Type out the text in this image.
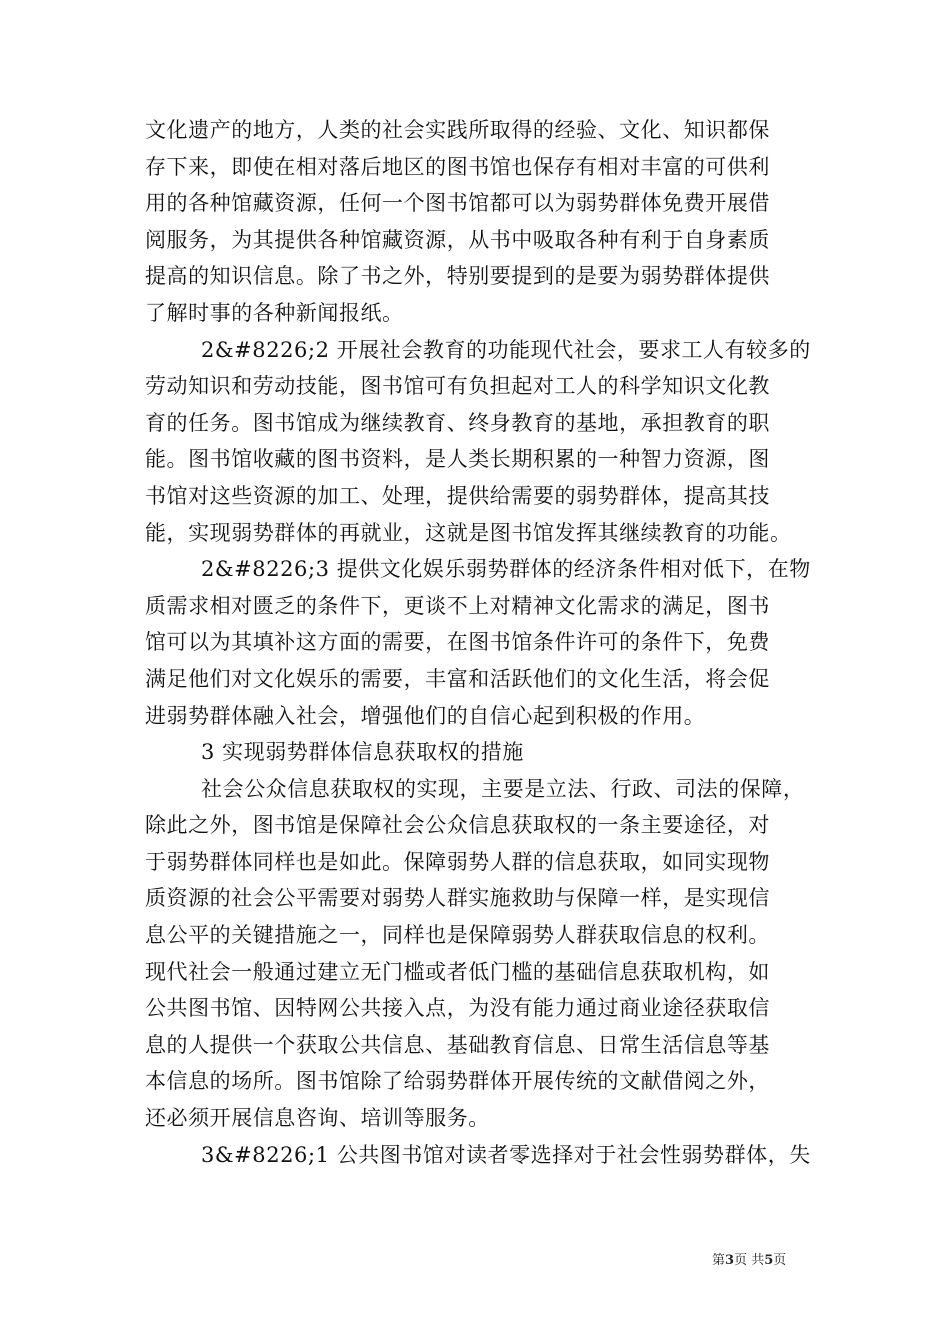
文化遗产的地方，人类的社会实践所取得的经验、文化、知识都保
存下来，即使在相对落后地区的图书馆也保存有相对丰富的可供利
用的各种馆藏资源，任何一个图书馆都可以为弱势群体免费开展借
阅服务，为其提供各种馆藏资源，从书中吸取各种有利于自身素质
提高的知识信息。除了书之外，特别要提到的是要为弱势群体提供
了解时事的各种新闻报纸。
2&#8226;2 开展社会教育的功能现代社会，要求工人有较多的
劳动知识和劳动技能，图书馆可有负担起对工人的科学知识文化教
育的任务。图书馆成为继续教育、终身教育的基地，承担教育的职
能。图书馆收藏的图书资料，是人类长期积累的一种智力资源，图
书馆对这些资源的加工、处理，提供给需要的弱势群体，提高其技
能，实现弱势群体的再就业，这就是图书馆发挥其继续教育的功能。
2&#8226;3 提供文化娱乐弱势群体的经济条件相对低下，在物
质需求相对匮乏的条件下，更谈不上对精神文化需求的满足，图书
馆可以为其填补这方面的需要，在图书馆条件许可的条件下，免费
满足他们对文化娱乐的需要，丰富和活跃他们的文化生活，将会促
进弱势群体融入社会，增强他们的自信心起到积极的作用。
3 实现弱势群体信息获取权的措施
社会公众信息获取权的实现，主要是立法、行政、司法的保障，
除此之外，图书馆是保障社会公众信息获取权的一条主要途径，对
于弱势群体同样也是如此。保障弱势人群的信息获取，如同实现物
质资源的社会公平需要对弱势人群实施救助与保障一样，是实现信
息公平的关键措施之一，同样也是保障弱势人群获取信息的权利。
现代社会一般通过建立无门槛或者低门槛的基础信息获取机构，如
公共图书馆、因特网公共接入点，为没有能力通过商业途径获取信
息的人提供一个获取公共信息、基础教育信息、日常生活信息等基
本信息的场所。图书馆除了给弱势群体开展传统的文献借阅之外，
还必须开展信息咨询、培训等服务。
3&#8226;1 公共图书馆对读者零选择对于社会性弱势群体，失
第3页 共5页
